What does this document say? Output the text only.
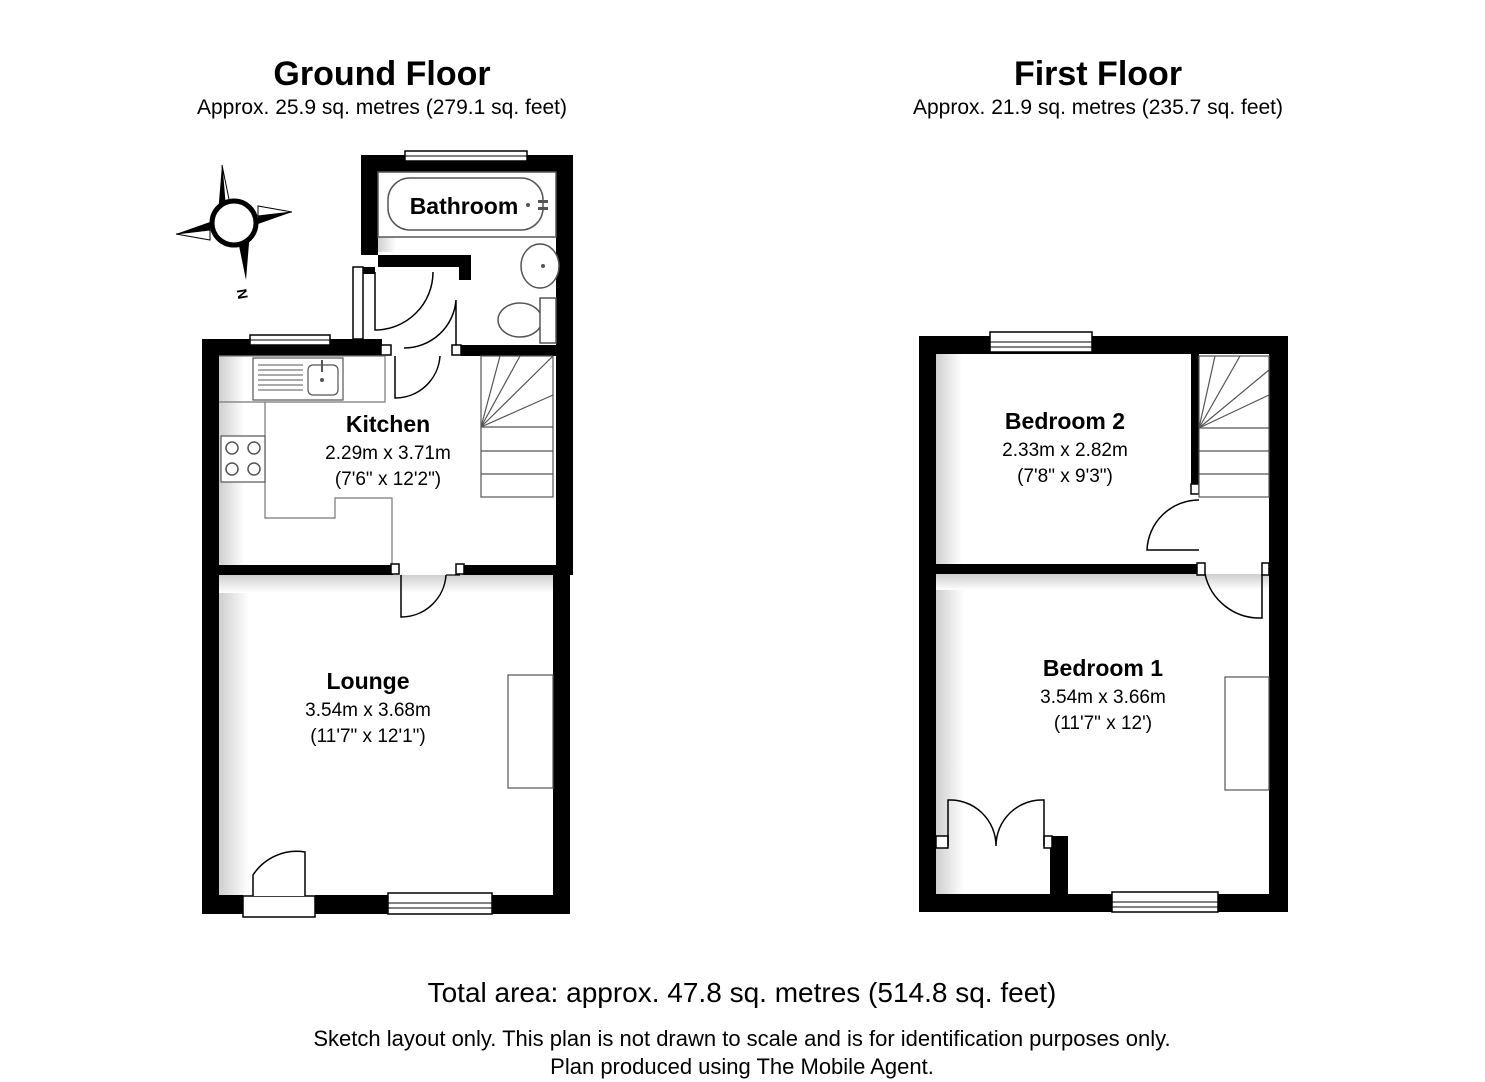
Ground Floor
Approx. 25.9 sq. metres (279.1 sq. feet)
First Floor
Approx. 21.9 sq. metres (235.7 sq. feet)
Bathroom
Kitchen
2.29m x 3.71m
(7'6" x 12'2")
Lounge
3.54m x 3.68m
(11'7" x 12'1")
Bedroom 2
2.33m x 2.82m
(7'8" x 9'3")
Bedroom 1
3.54m x 3.66m
(11'7" x 12')
N
Total area: approx. 47.8 sq. metres (514.8 sq. feet)
Sketch layout only. This plan is not drawn to scale and is for identification purposes only.
Plan produced using The Mobile Agent.
